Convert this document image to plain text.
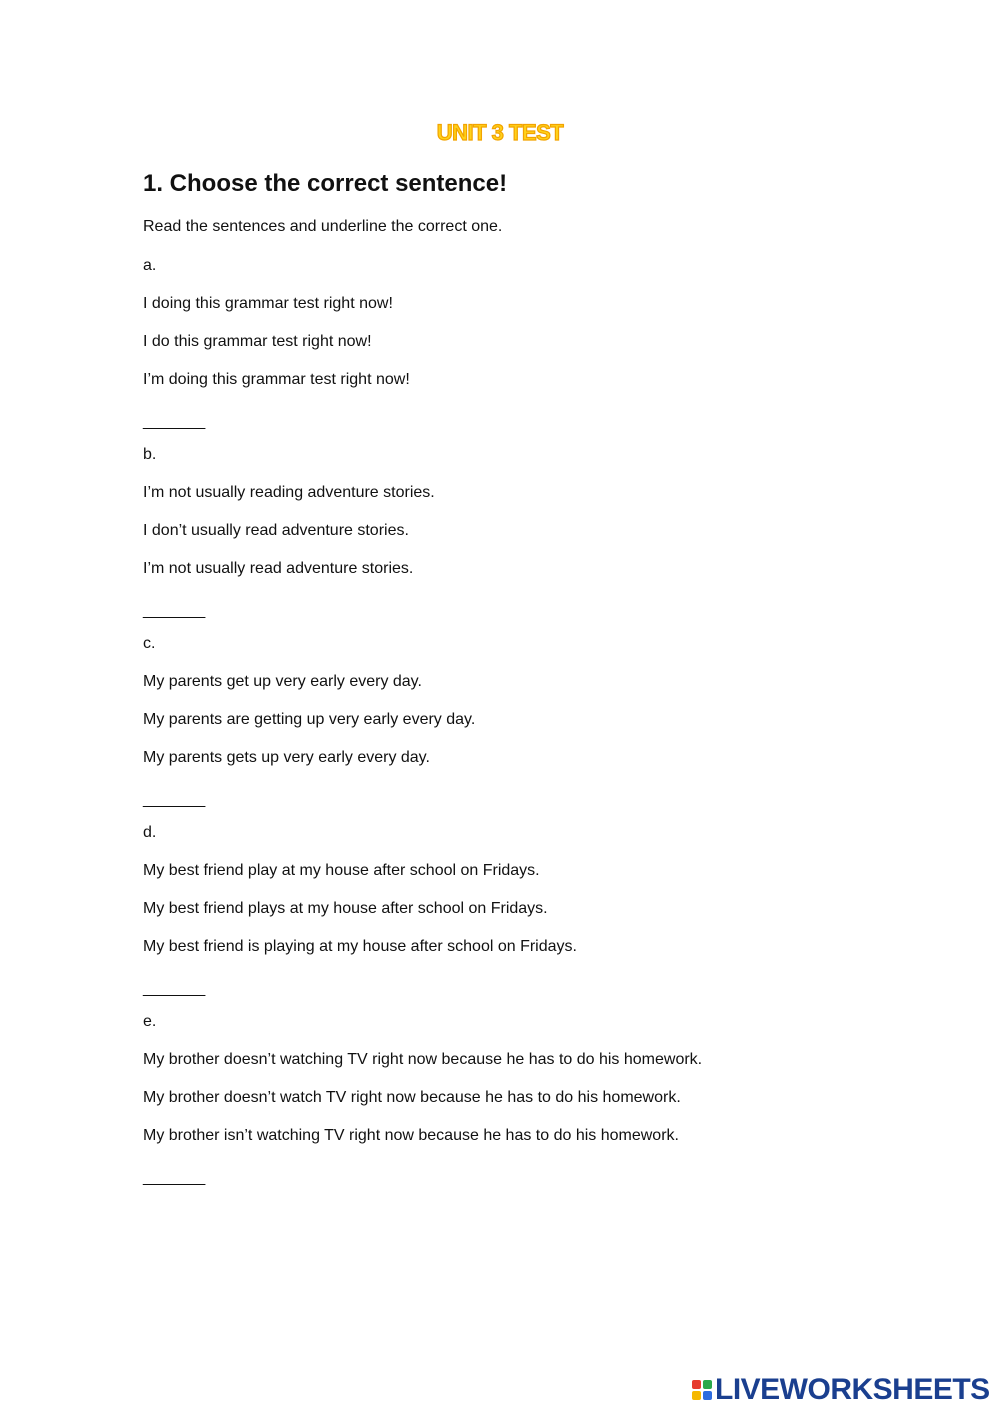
UNIT 3 TEST
1. Choose the correct sentence!
Read the sentences and underline the correct one.
a.
I doing this grammar test right now!
I do this grammar test right now!
I’m doing this grammar test right now!
_______
b.
I’m not usually reading adventure stories.
I don’t usually read adventure stories.
I’m not usually read adventure stories.
_______
c.
My parents get up very early every day.
My parents are getting up very early every day.
My parents gets up very early every day.
_______
d.
My best friend play at my house after school on Fridays.
My best friend plays at my house after school on Fridays.
My best friend is playing at my house after school on Fridays.
_______
e.
My brother doesn’t watching TV right now because he has to do his homework.
My brother doesn’t watch TV right now because he has to do his homework.
My brother isn’t watching TV right now because he has to do his homework.
_______
LIVEWORKSHEETS
